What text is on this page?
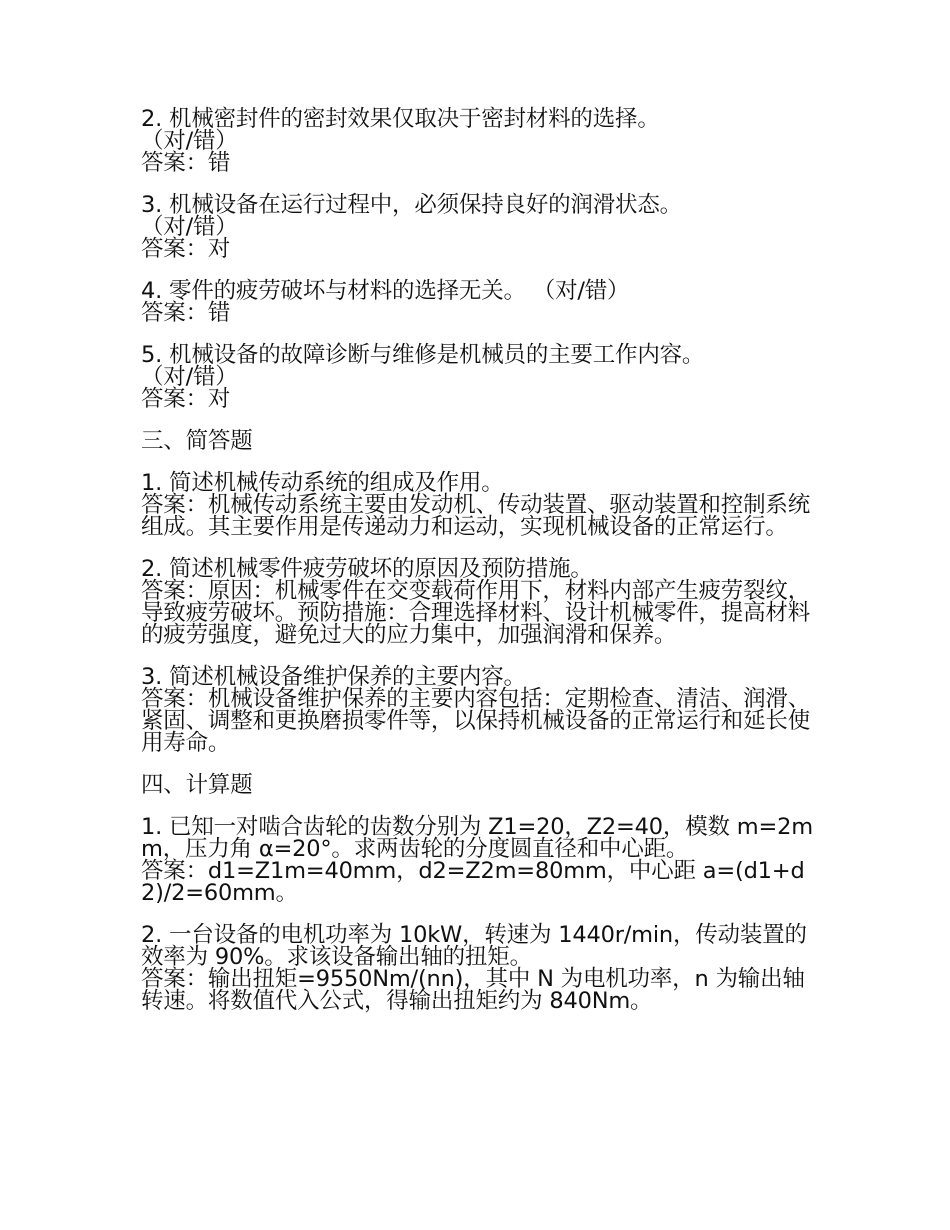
2. 机械密封件的密封效果仅取决于密封材料的选择。
（对/错）
答案：错
3. 机械设备在运行过程中，必须保持良好的润滑状态。
（对/错）
答案：对
4. 零件的疲劳破坏与材料的选择无关。 （对/错）
答案：错
5. 机械设备的故障诊断与维修是机械员的主要工作内容。
（对/错）
答案：对
三、简答题
1. 简述机械传动系统的组成及作用。
答案：机械传动系统主要由发动机、传动装置、驱动装置和控制系统组成。其主要作用是传递动力和运动，实现机械设备的正常运行。
2. 简述机械零件疲劳破坏的原因及预防措施。
答案：原因：机械零件在交变载荷作用下，材料内部产生疲劳裂纹，导致疲劳破坏。预防措施：合理选择材料、设计机械零件，提高材料的疲劳强度，避免过大的应力集中，加强润滑和保养。
3. 简述机械设备维护保养的主要内容。
答案：机械设备维护保养的主要内容包括：定期检查、清洁、润滑、紧固、调整和更换磨损零件等，以保持机械设备的正常运行和延长使用寿命。
四、计算题
1. 已知一对啮合齿轮的齿数分别为 Z1=20，Z2=40，模数 m=2mm，压力角 α=20°。求两齿轮的分度圆直径和中心距。
答案：d1=Z1m=40mm，d2=Z2m=80mm，中心距 a=(d1+d2)/2=60mm。
2. 一台设备的电机功率为 10kW，转速为 1440r/min，传动装置的效率为 90%。求该设备输出轴的扭矩。
答案：输出扭矩=9550Nm/(nn)，其中 N 为电机功率，n 为输出轴转速。将数值代入公式，得输出扭矩约为 840Nm。
